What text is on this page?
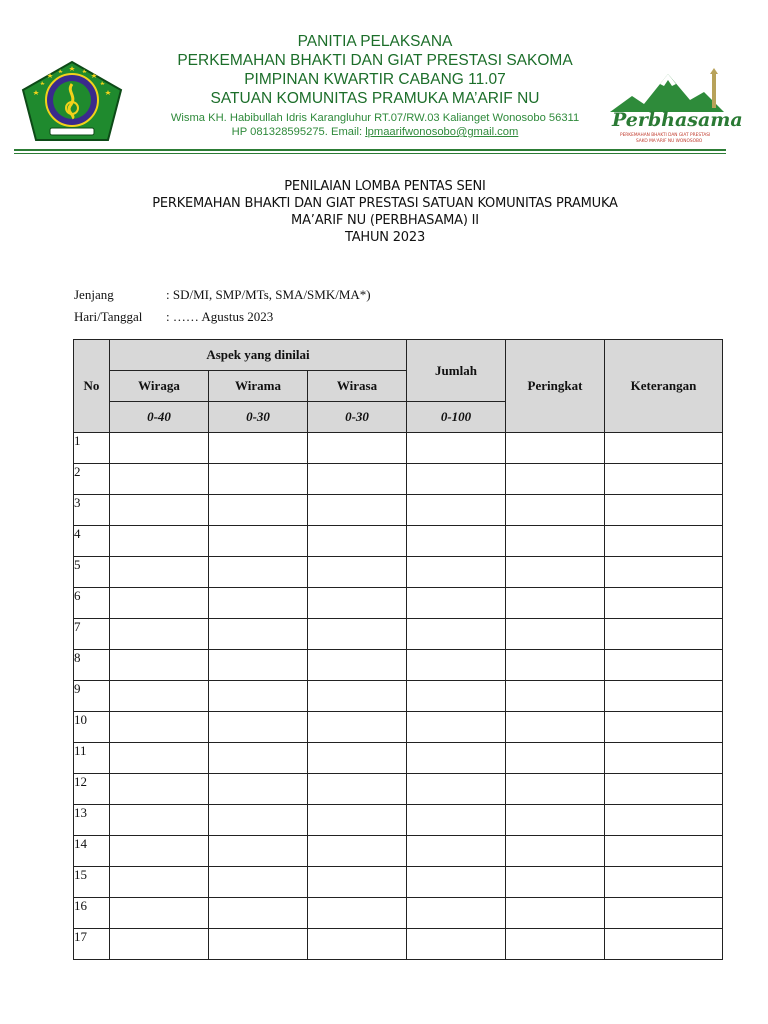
PANITIA PELAKSANA
PERKEMAHAN BHAKTI DAN GIAT PRESTASI SAKOMA
PIMPINAN KWARTIR CABANG 11.07
SATUAN KOMUNITAS PRAMUKA MA’ARIF NU
Wisma KH. Habibullah Idris Karangluhur RT.07/RW.03 Kalianget Wonosobo 56311
HP 081328595275. Email: lpmaarifwonosobo@gmail.com
Perbhasama
PERKEMAHAN BHAKTI DAN GIAT PRESTASI
SAKO MA'ARIF NU WONOSOBO
PENILAIAN LOMBA PENTAS SENI
PERKEMAHAN BHAKTI DAN GIAT PRESTASI SATUAN KOMUNITAS PRAMUKA
MA’ARIF NU (PERBHASAMA) II
TAHUN 2023
Jenjang	: SD/MI, SMP/MTs, SMA/SMK/MA*)
Hari/Tanggal	: …… Agustus 2023
No	Aspek yang dinilai			Jumlah	Peringkat	Keterangan
	Wiraga	Wirama	Wirasa			
	0-40	0-30	0-30	0-100		
1						
2						
3						
4						
5						
6						
7						
8						
9						
10						
11						
12						
13						
14						
15						
16						
17						
